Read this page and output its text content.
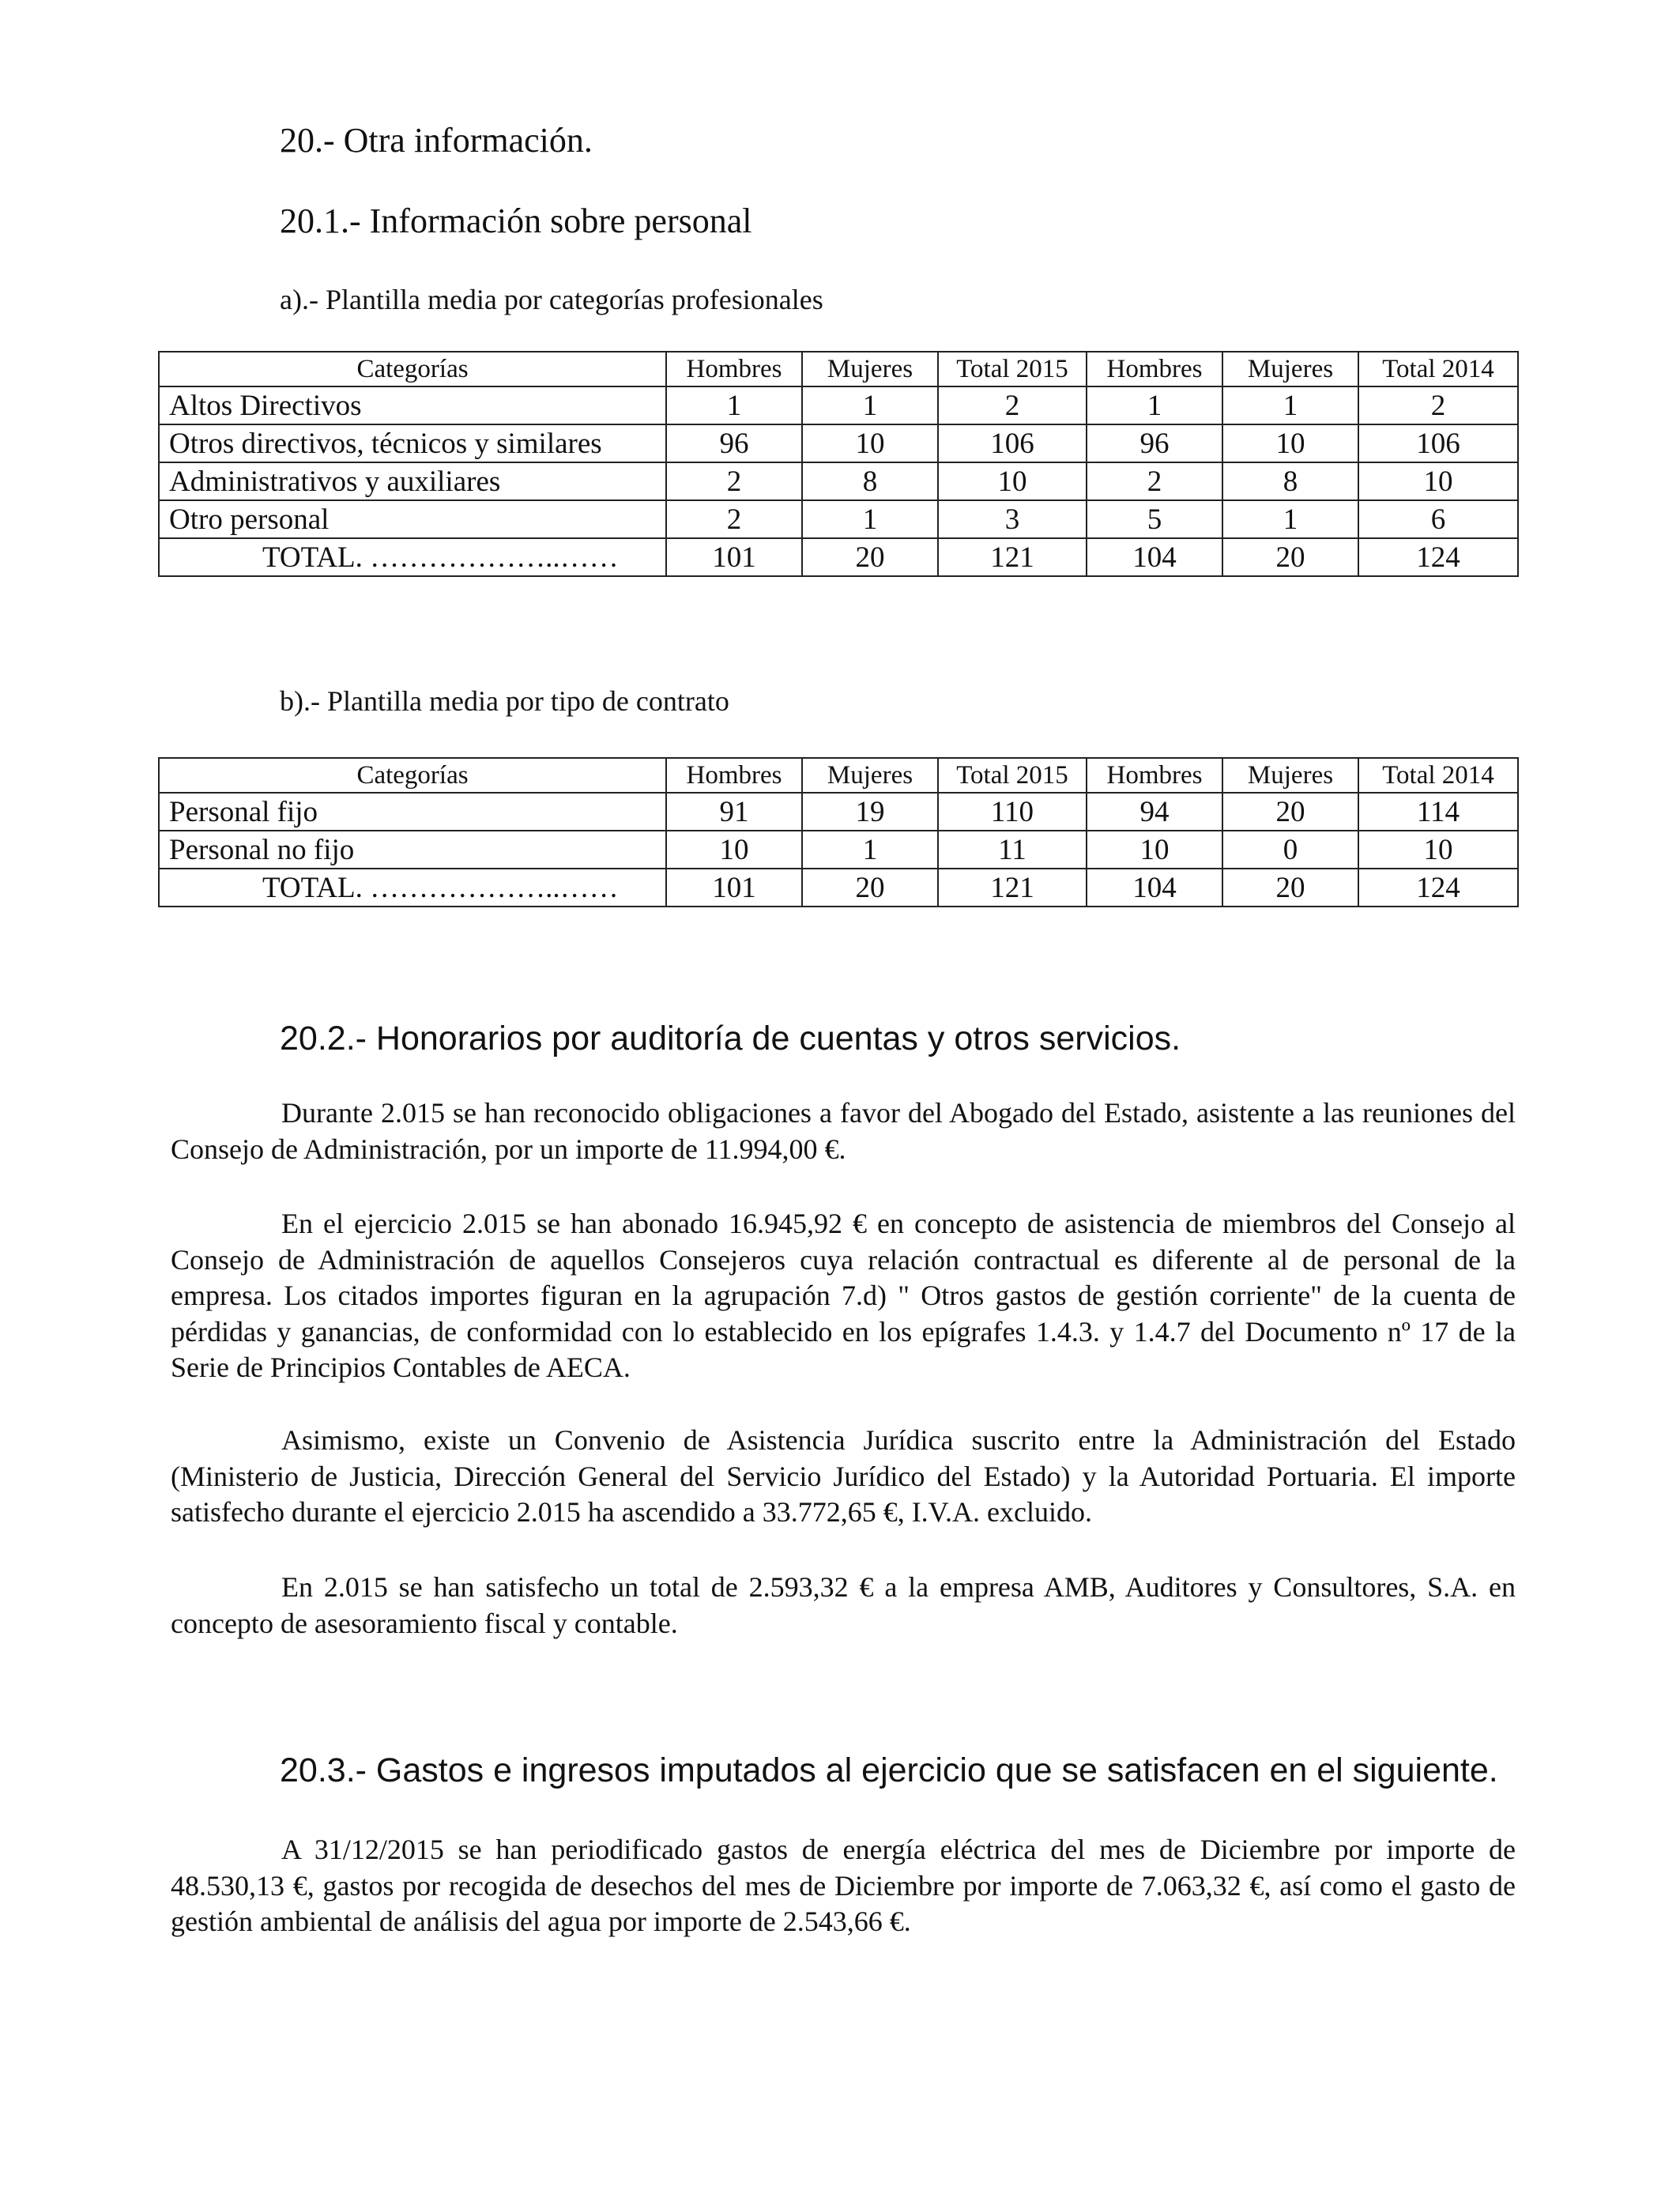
20.- Otra información.
20.1.- Información sobre personal
a).- Plantilla media por categorías profesionales
Categorías	Hombres	Mujeres	Total 2015	Hombres	Mujeres	Total 2014
Altos Directivos	1	1	2	1	1	2
Otros directivos, técnicos y similares	96	10	106	96	10	106
Administrativos y auxiliares	2	8	10	2	8	10
Otro personal	2	1	3	5	1	6
TOTAL. ………………..……	101	20	121	104	20	124
b).- Plantilla media por tipo de contrato
Categorías	Hombres	Mujeres	Total 2015	Hombres	Mujeres	Total 2014
Personal fijo	91	19	110	94	20	114
Personal no fijo	10	1	11	10	0	10
TOTAL. ………………..……	101	20	121	104	20	124
20.2.- Honorarios por auditoría de cuentas y otros servicios.
Durante 2.015 se han reconocido obligaciones a favor del Abogado del Estado, asistente a las reuniones del Consejo de Administración, por un importe de 11.994,00 €.
En el ejercicio 2.015 se han abonado 16.945,92 € en concepto de asistencia de miembros del Consejo al Consejo de Administración de aquellos Consejeros cuya relación contractual es diferente al de personal de la empresa. Los citados importes figuran en la agrupación 7.d) " Otros gastos de gestión corriente" de la cuenta de pérdidas y ganancias, de conformidad con lo establecido en los epígrafes 1.4.3. y 1.4.7 del Documento nº 17 de la Serie de Principios Contables de AECA.
Asimismo, existe un Convenio de Asistencia Jurídica suscrito entre la Administración del Estado (Ministerio de Justicia, Dirección General del Servicio Jurídico del Estado) y la Autoridad Portuaria. El importe satisfecho durante el ejercicio 2.015 ha ascendido a 33.772,65 €, I.V.A. excluido.
En 2.015 se han satisfecho un total de 2.593,32 € a la empresa AMB, Auditores y Consultores, S.A. en concepto de asesoramiento fiscal y contable.
20.3.- Gastos e ingresos imputados al ejercicio que se satisfacen en el siguiente.
A 31/12/2015 se han periodificado gastos de energía eléctrica del mes de Diciembre por importe de 48.530,13 €, gastos por recogida de desechos del mes de Diciembre por importe de 7.063,32 €, así como el gasto de gestión ambiental de análisis del agua por importe de 2.543,66 €.
